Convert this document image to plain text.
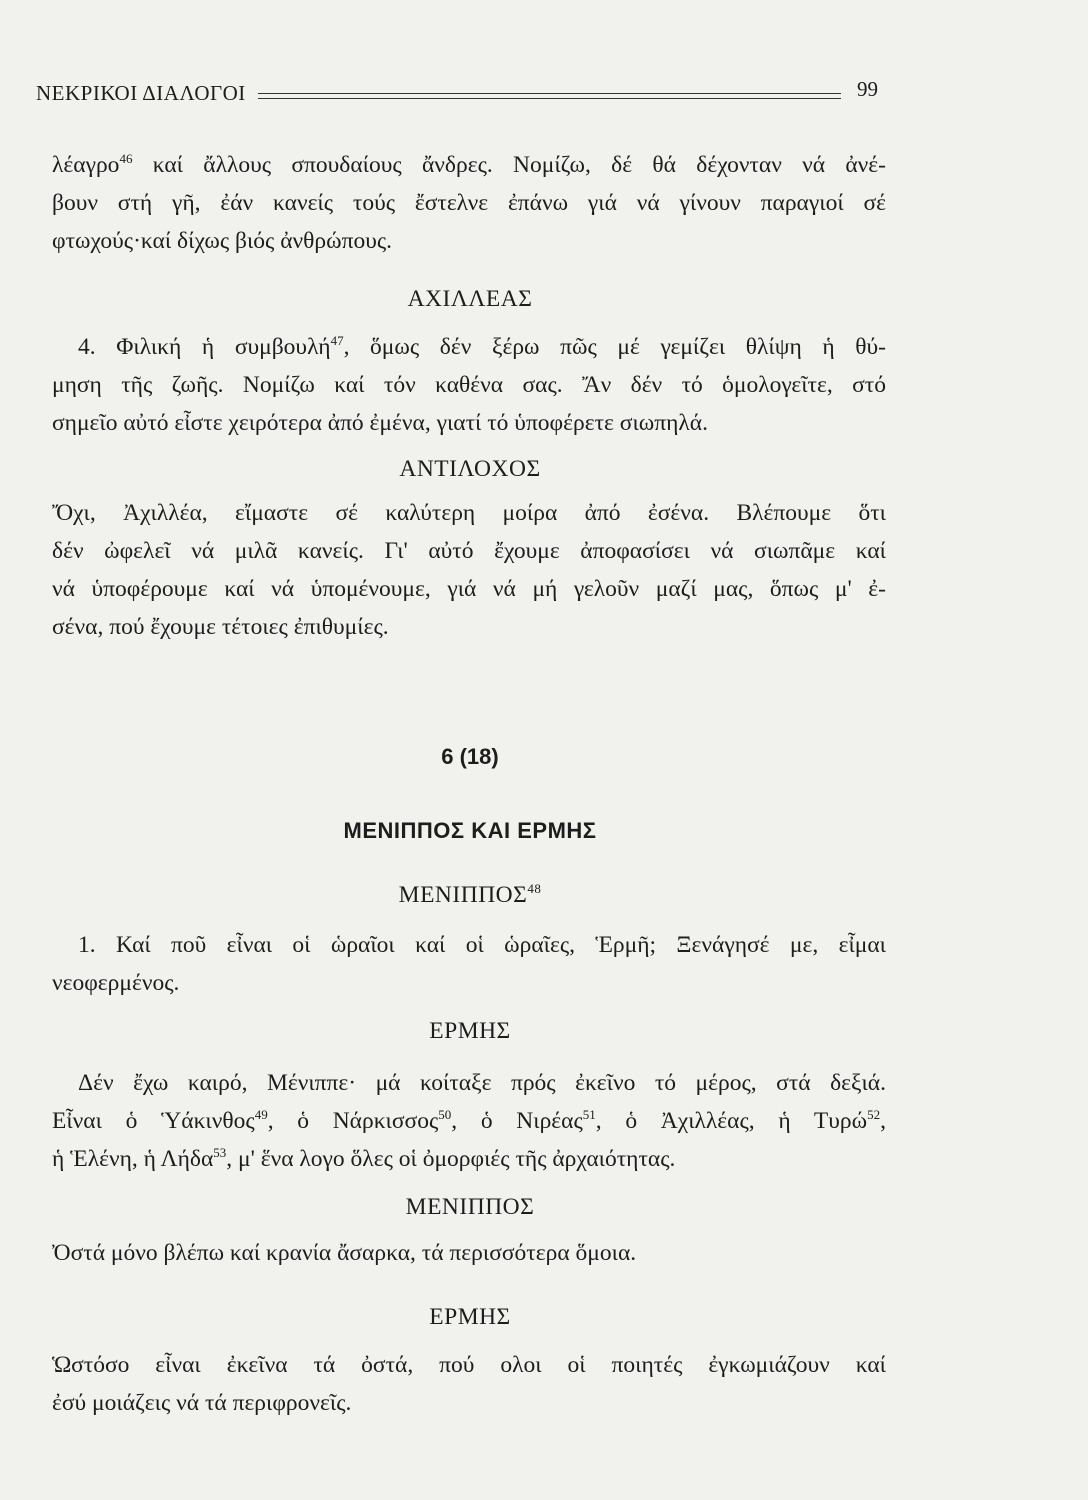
ΝΕΚΡΙΚΟΙ ΔΙΑΛΟΓΟΙ	99
λέαγρο$^{46}$ καί ἄλλους σπουδαίους ἄνδρες. Νομίζω, δέ θά δέχονταν νά ἀνέ-
βουν στή γῆ, ἐάν κανείς τούς ἔστελνε ἐπάνω γιά νά γίνουν παραγιοί σέ
φτωχούς·καί δίχως βιός ἀνθρώπους.
ΑΧΙΛΛΕΑΣ
4. Φιλική ἡ συμβουλή$^{47}$, ὅμως δέν ξέρω πῶς μέ γεμίζει θλίψη ἡ θύ-
μηση τῆς ζωῆς. Νομίζω καί τόν καθένα σας. Ἄν δέν τό ὁμολογεῖτε, στό
σημεῖο αὐτό εἶστε χειρότερα ἀπό ἐμένα, γιατί τό ὑποφέρετε σιωπηλά.
ΑΝΤΙΛΟΧΟΣ
Ὄχι, Ἀχιλλέα, εἴμαστε σέ καλύτερη μοίρα ἀπό ἐσένα. Βλέπουμε ὅτι
δέν ὠφελεῖ νά μιλᾶ κανείς. Γι' αὐτό ἔχουμε ἀποφασίσει νά σιωπᾶμε καί
νά ὑποφέρουμε καί νά ὑπομένουμε, γιά νά μή γελοῦν μαζί μας, ὅπως μ' ἐ-
σένα, πού ἔχουμε τέτοιες ἐπιθυμίες.
6 (18)
ΜΕΝΙΠΠΟΣ ΚΑΙ ΕΡΜΗΣ
ΜΕΝΙΠΠΟΣ$^{48}$
1. Καί ποῦ εἶναι οἱ ὡραῖοι καί οἱ ὡραῖες, Ἑρμῆ; Ξενάγησέ με, εἶμαι
νεοφερμένος.
ΕΡΜΗΣ
Δέν ἔχω καιρό, Μένιππε· μά κοίταξε πρός ἐκεῖνο τό μέρος, στά δεξιά.
Εἶναι ὁ Ὑάκινθος$^{49}$, ὁ Νάρκισσος$^{50}$, ὁ Νιρέας$^{51}$, ὁ Ἀχιλλέας, ἡ Τυρώ$^{52}$,
ἡ Ἑλένη, ἡ Λήδα$^{53}$, μ' ἕνα λογο ὅλες οἱ ὀμορφιές τῆς ἀρχαιότητας.
ΜΕΝΙΠΠΟΣ
Ὀστά μόνο βλέπω καί κρανία ἄσαρκα, τά περισσότερα ὅμοια.
ΕΡΜΗΣ
Ὡστόσο εἶναι ἐκεῖνα τά ὀστά, πού ολοι οἱ ποιητές ἐγκωμιάζουν καί
ἐσύ μοιάζεις νά τά περιφρονεῖς.
